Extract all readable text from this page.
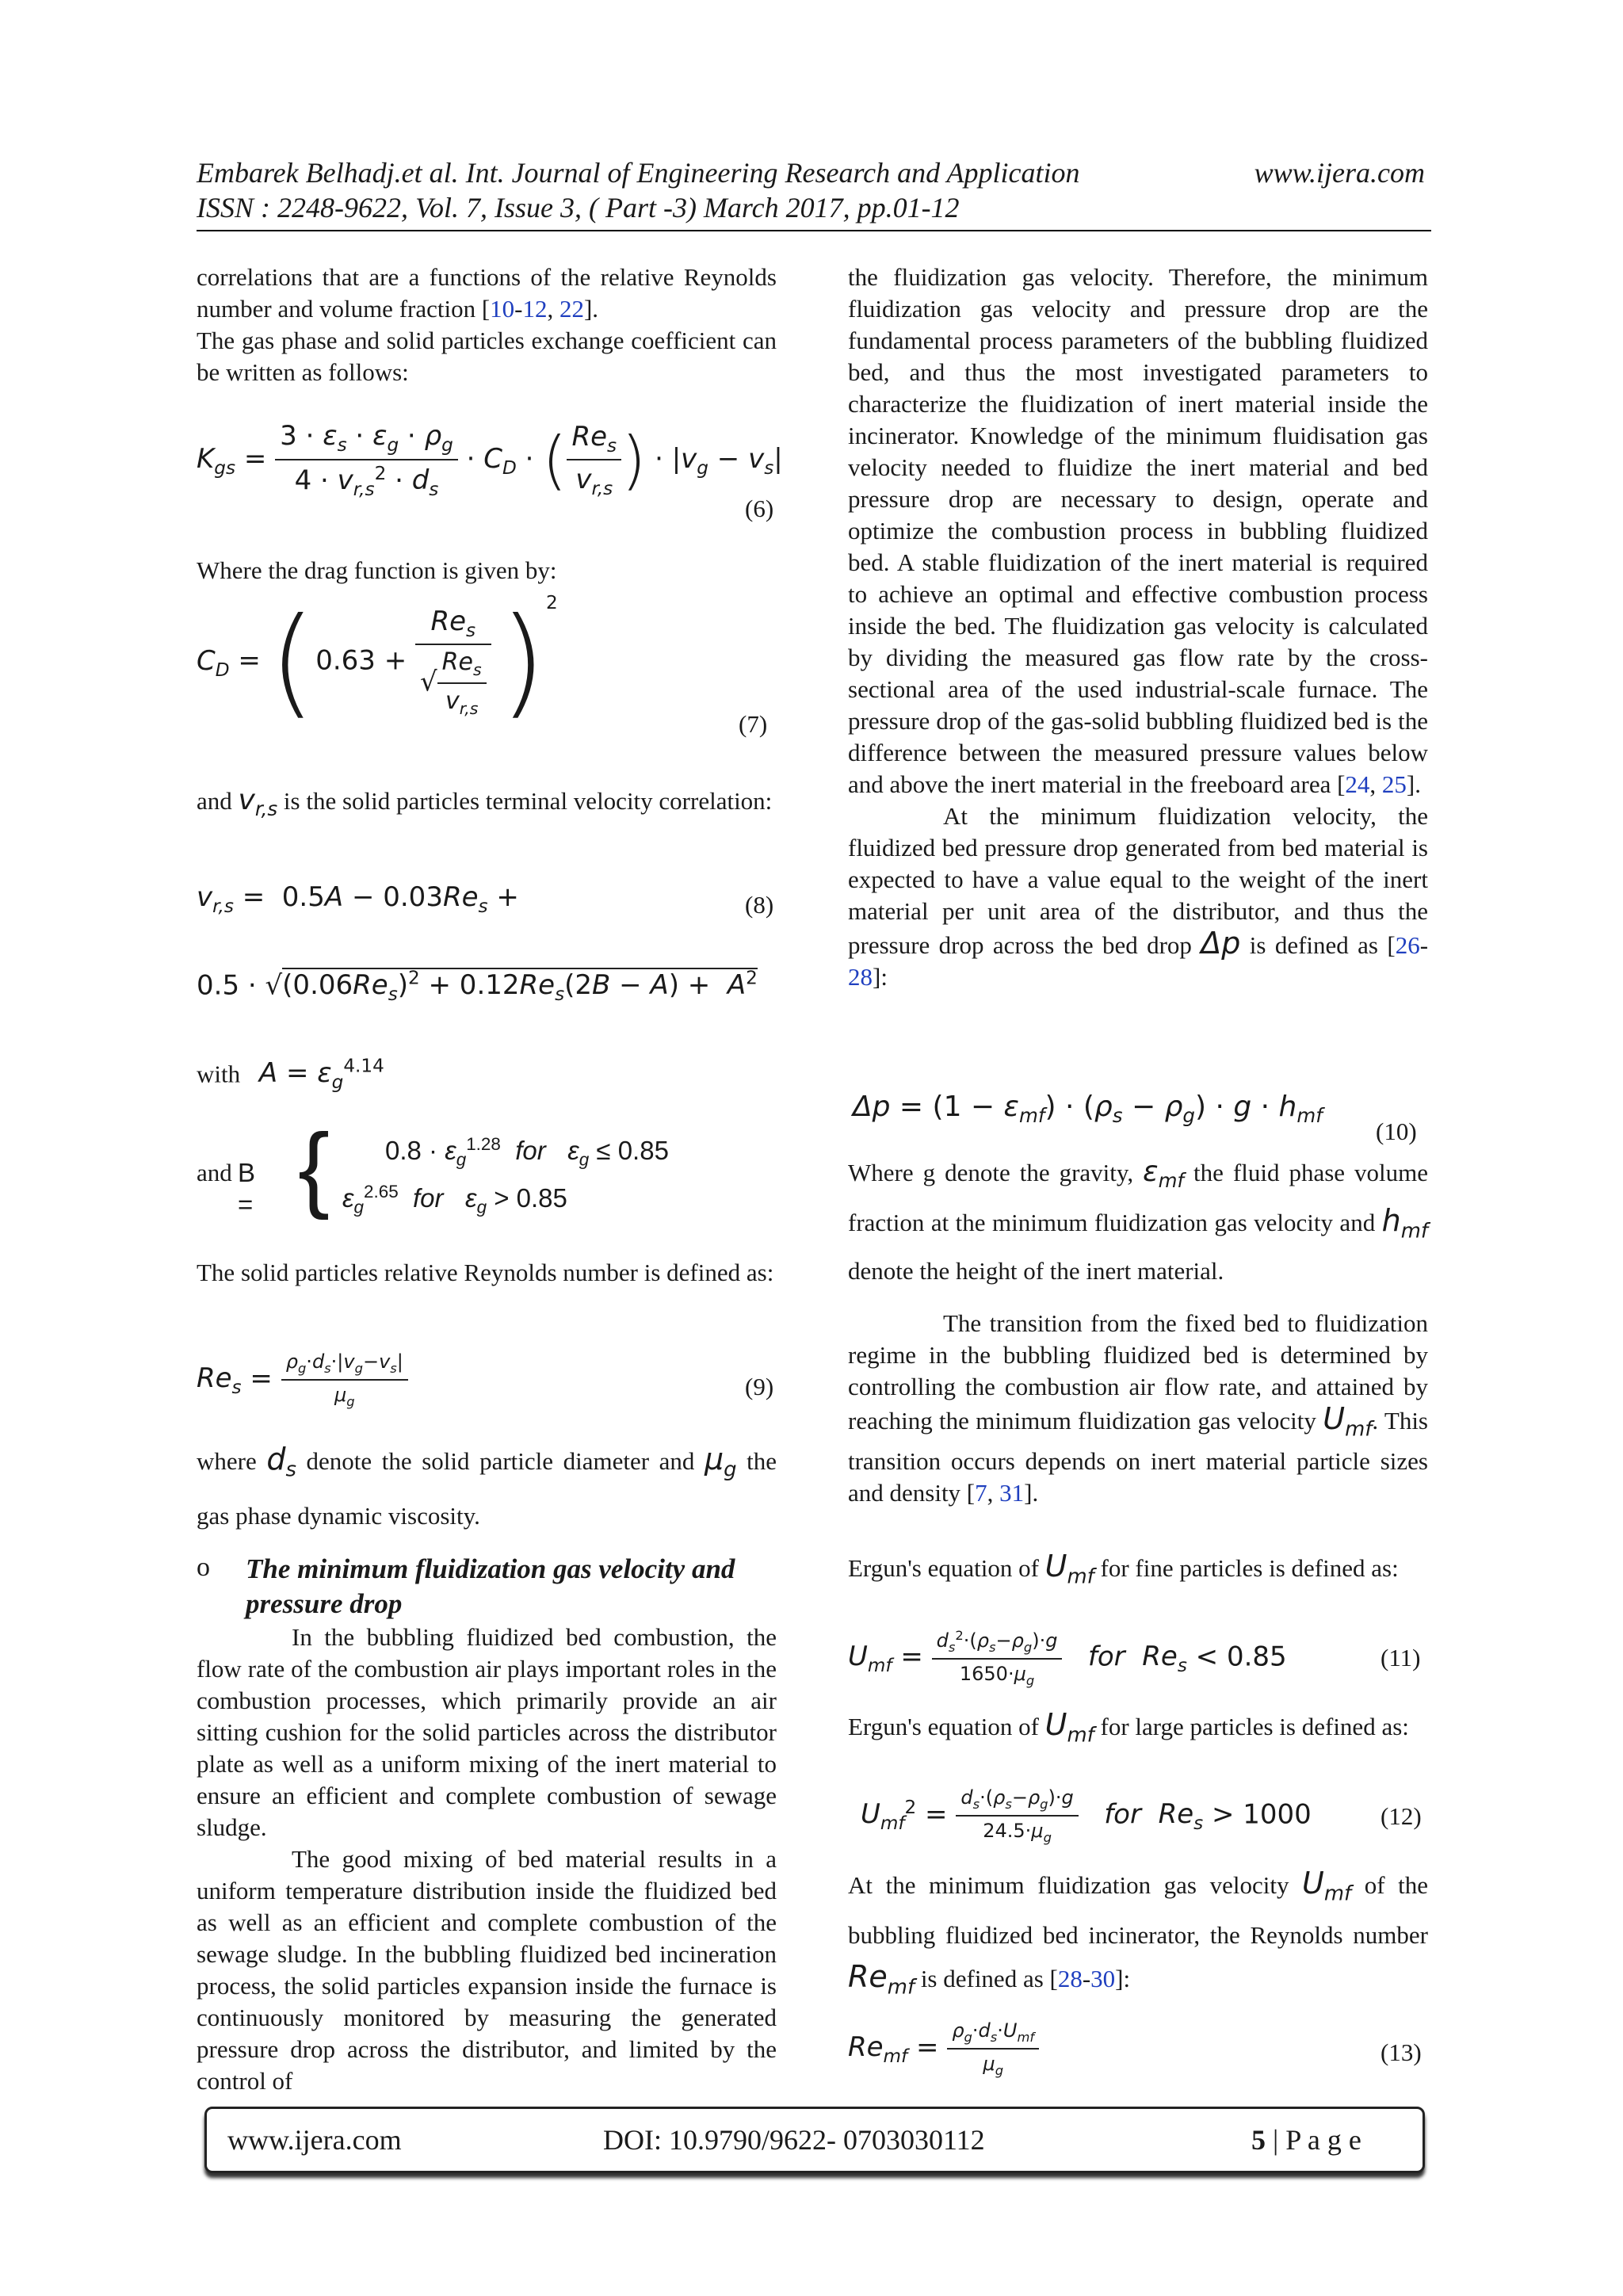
Embarek Belhadj.et al. Int. Journal of Engineering Research and Application	www.ijera.com
ISSN : 2248-9622, Vol. 7, Issue 3, ( Part -3) March 2017, pp.01-12

correlations that are a functions of the relative Reynolds number and volume fraction [10-12, 22].

The gas phase and solid particles exchange coefficient can be written as follows:

$K_{gs} = \frac{3 \cdot \varepsilon_s \cdot \varepsilon_g \cdot \rho_g}{4 \cdot v_{r,s}^2 \cdot d_s} \cdot C_D$ · ( $\frac{Re_s}{v_{r,s}}$ ) · $|v_g - v_s|$
(6)
Where the drag function is given by:
$C_D = (0.63 + \frac{Re_s}{√ \frac{Re_s}{v_{r,s}}} )^2$
(7)
and $v_{r,s}$ is the solid particles terminal velocity correlation:
$v_{r,s} = 0.5A - 0.03Re_s$ +	(8)
$0.5 \cdot √(0.06Re_s)^2 + 0.12Re_s(2B - A) + A^2$
with $A = \varepsilon_g^{4.14}$
and B = { $0.8 \cdot \varepsilon_g^{1.28}$ for $\varepsilon_g \le 0.85$
$\varepsilon_g^{2.65}$ for $\varepsilon_g > 0.85$
The solid particles relative Reynolds number is defined as:
$Re_s = \frac{\rho_g\cdot d_s\cdot|v_g-v_s|}{\mu_g}$	(9)
where $d_s$ denote the solid particle diameter and $\mu_g$ the gas phase dynamic viscosity.
o The minimum fluidization gas velocity and pressure drop

In the bubbling fluidized bed combustion, the flow rate of the combustion air plays important roles in the combustion processes, which primarily provide an air sitting cushion for the solid particles across the distributor plate as well as a uniform mixing of the inert material to ensure an efficient and complete combustion of sewage sludge.

The good mixing of bed material results in a uniform temperature distribution inside the fluidized bed as well as an efficient and complete combustion of the sewage sludge. In the bubbling fluidized bed incineration process, the solid particles expansion inside the furnace is continuously monitored by measuring the generated pressure drop across the distributor, and limited by the control of

the fluidization gas velocity. Therefore, the minimum fluidization gas velocity and pressure drop are the fundamental process parameters of the bubbling fluidized bed, and thus the most investigated parameters to characterize the fluidization of inert material inside the incinerator. Knowledge of the minimum fluidisation gas velocity needed to fluidize the inert material and bed pressure drop are necessary to design, operate and optimize the combustion process in bubbling fluidized bed. A stable fluidization of the inert material is required to achieve an optimal and effective combustion process inside the bed. The fluidization gas velocity is calculated by dividing the measured gas flow rate by the cross-sectional area of the used industrial-scale furnace. The pressure drop of the gas-solid bubbling fluidized bed is the difference between the measured pressure values below and above the inert material in the freeboard area [24, 25].

At the minimum fluidization velocity, the fluidized bed pressure drop generated from bed material is expected to have a value equal to the weight of the inert material per unit area of the distributor, and thus the pressure drop across the bed drop Δp is defined as [26-28]:

$\Delta p = (1 - \varepsilon_{mf}) \cdot (\rho_s - \rho_g) \cdot g \cdot h_{mf}$
(10)
Where g denote the gravity, $\varepsilon_{mf}$ the fluid phase volume fraction at the minimum fluidization gas velocity and $h_{mf}$ denote the height of the inert material.

The transition from the fixed bed to fluidization regime in the bubbling fluidized bed is determined by controlling the combustion air flow rate, and attained by reaching the minimum fluidization gas velocity $U_{mf}$. This transition occurs depends on inert material particle sizes and density [7, 31].

Ergun's equation of $U_{mf}$ for fine particles is defined as:
$U_{mf} = \frac{d_s^2\cdot(\rho_s-\rho_g)\cdot g}{1650\cdot\mu_g}$ for $Re_s < 0.85$	(11)
Ergun's equation of $U_{mf}$ for large particles is defined as:
$U_{mf}^2 = \frac{d_s\cdot(\rho_s-\rho_g)\cdot g}{24.5\cdot\mu_g}$ for $Re_s > 1000$	(12)
At the minimum fluidization gas velocity $U_{mf}$ of the bubbling fluidized bed incinerator, the Reynolds number $Re_{mf}$ is defined as [28-30]:
$Re_{mf} = \frac{\rho_g\cdot d_s\cdot U_{mf}}{\mu_g}$	(13)
www.ijera.com	DOI: 10.9790/9622- 0703030112	5 | P a g e
